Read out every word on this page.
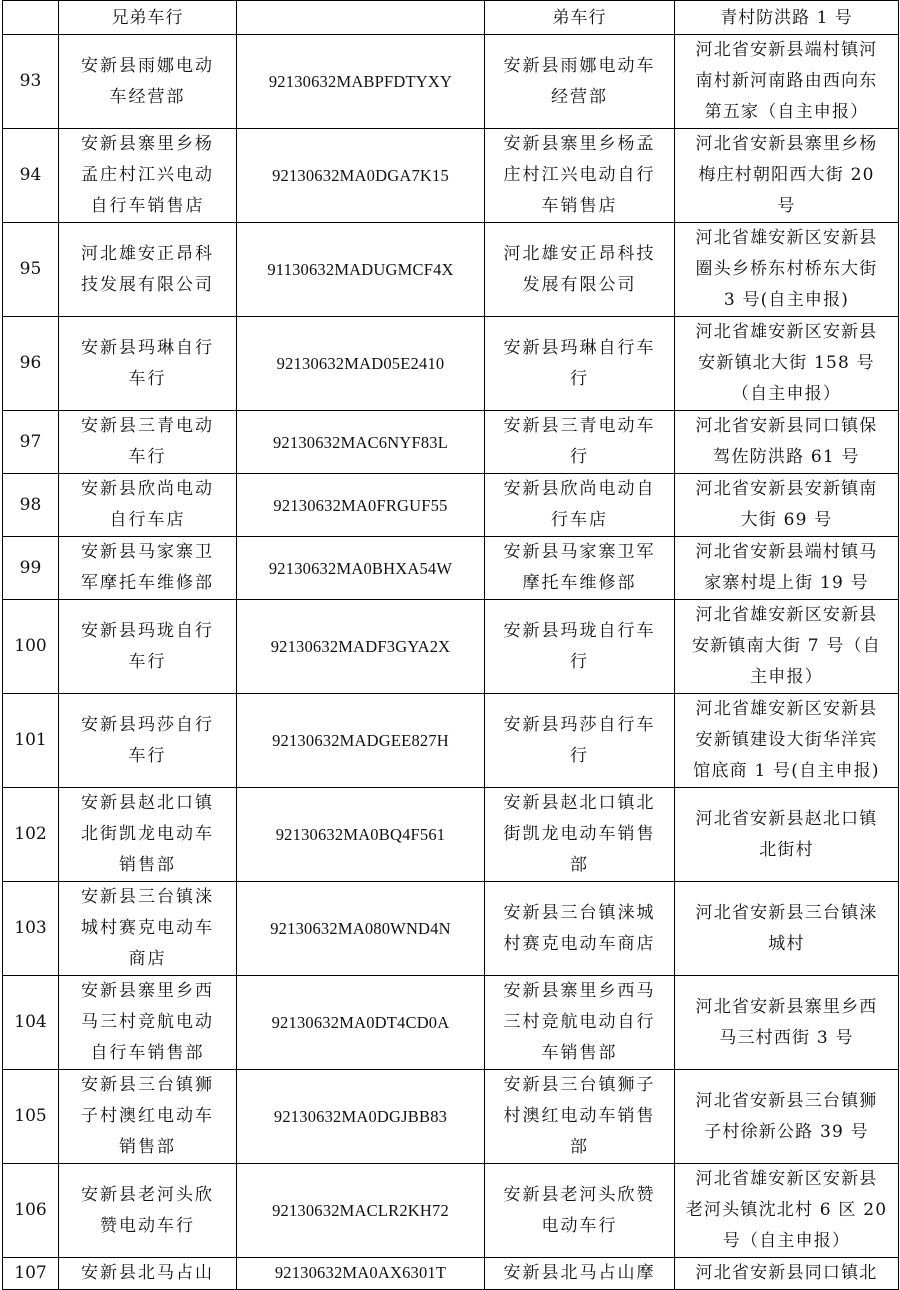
	兄弟车行		弟车行	青村防洪路 1 号
93	安新县雨娜电动
车经营部	92130632MABPFDTYXY	安新县雨娜电动车
经营部	河北省安新县端村镇河
南村新河南路由西向东
第五家（自主申报）
94	安新县寨里乡杨
孟庄村江兴电动
自行车销售店	92130632MA0DGA7K15	安新县寨里乡杨孟
庄村江兴电动自行
车销售店	河北省安新县寨里乡杨
梅庄村朝阳西大街 20
号
95	河北雄安正昂科
技发展有限公司	91130632MADUGMCF4X	河北雄安正昂科技
发展有限公司	河北省雄安新区安新县
圈头乡桥东村桥东大街
3 号(自主申报)
96	安新县玛琳自行
车行	92130632MAD05E2410	安新县玛琳自行车
行	河北省雄安新区安新县
安新镇北大街 158 号
（自主申报）
97	安新县三青电动
车行	92130632MAC6NYF83L	安新县三青电动车
行	河北省安新县同口镇保
驾佐防洪路 61 号
98	安新县欣尚电动
自行车店	92130632MA0FRGUF55	安新县欣尚电动自
行车店	河北省安新县安新镇南
大街 69 号
99	安新县马家寨卫
军摩托车维修部	92130632MA0BHXA54W	安新县马家寨卫军
摩托车维修部	河北省安新县端村镇马
家寨村堤上街 19 号
100	安新县玛珑自行
车行	92130632MADF3GYA2X	安新县玛珑自行车
行	河北省雄安新区安新县
安新镇南大街 7 号（自
主申报）
101	安新县玛莎自行
车行	92130632MADGEE827H	安新县玛莎自行车
行	河北省雄安新区安新县
安新镇建设大街华洋宾
馆底商 1 号(自主申报)
102	安新县赵北口镇
北街凯龙电动车
销售部	92130632MA0BQ4F561	安新县赵北口镇北
街凯龙电动车销售
部	河北省安新县赵北口镇
北街村
103	安新县三台镇涞
城村赛克电动车
商店	92130632MA080WND4N	安新县三台镇涞城
村赛克电动车商店	河北省安新县三台镇涞
城村
104	安新县寨里乡西
马三村竞航电动
自行车销售部	92130632MA0DT4CD0A	安新县寨里乡西马
三村竞航电动自行
车销售部	河北省安新县寨里乡西
马三村西街 3 号
105	安新县三台镇狮
子村澳红电动车
销售部	92130632MA0DGJBB83	安新县三台镇狮子
村澳红电动车销售
部	河北省安新县三台镇狮
子村徐新公路 39 号
106	安新县老河头欣
赞电动车行	92130632MACLR2KH72	安新县老河头欣赞
电动车行	河北省雄安新区安新县
老河头镇沈北村 6 区 20
号（自主申报）
107	安新县北马占山	92130632MA0AX6301T	安新县北马占山摩	河北省安新县同口镇北
